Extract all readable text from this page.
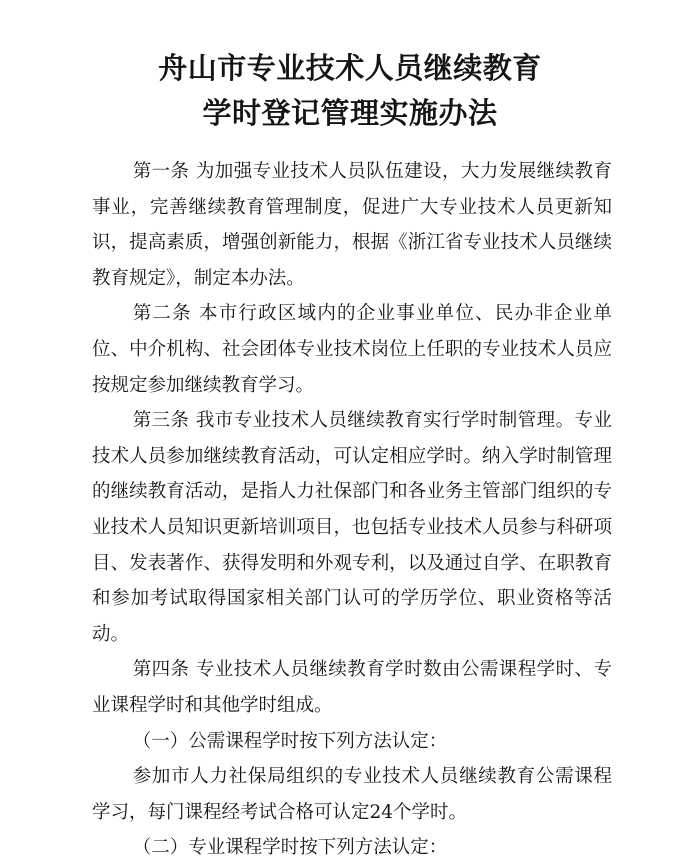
舟山市专业技术人员继续教育
学时登记管理实施办法

第一条 为加强专业技术人员队伍建设，大力发展继续教育事业，完善继续教育管理制度，促进广大专业技术人员更新知识，提高素质，增强创新能力，根据《浙江省专业技术人员继续教育规定》，制定本办法。

第二条 本市行政区域内的企业事业单位、民办非企业单位、中介机构、社会团体专业技术岗位上任职的专业技术人员应按规定参加继续教育学习。

第三条 我市专业技术人员继续教育实行学时制管理。专业技术人员参加继续教育活动，可认定相应学时。纳入学时制管理的继续教育活动，是指人力社保部门和各业务主管部门组织的专业技术人员知识更新培训项目，也包括专业技术人员参与科研项目、发表著作、获得发明和外观专利，以及通过自学、在职教育和参加考试取得国家相关部门认可的学历学位、职业资格等活动。

第四条 专业技术人员继续教育学时数由公需课程学时、专业课程学时和其他学时组成。

（一）公需课程学时按下列方法认定：

参加市人力社保局组织的专业技术人员继续教育公需课程学习，每门课程经考试合格可认定24个学时。

（二）专业课程学时按下列方法认定：
